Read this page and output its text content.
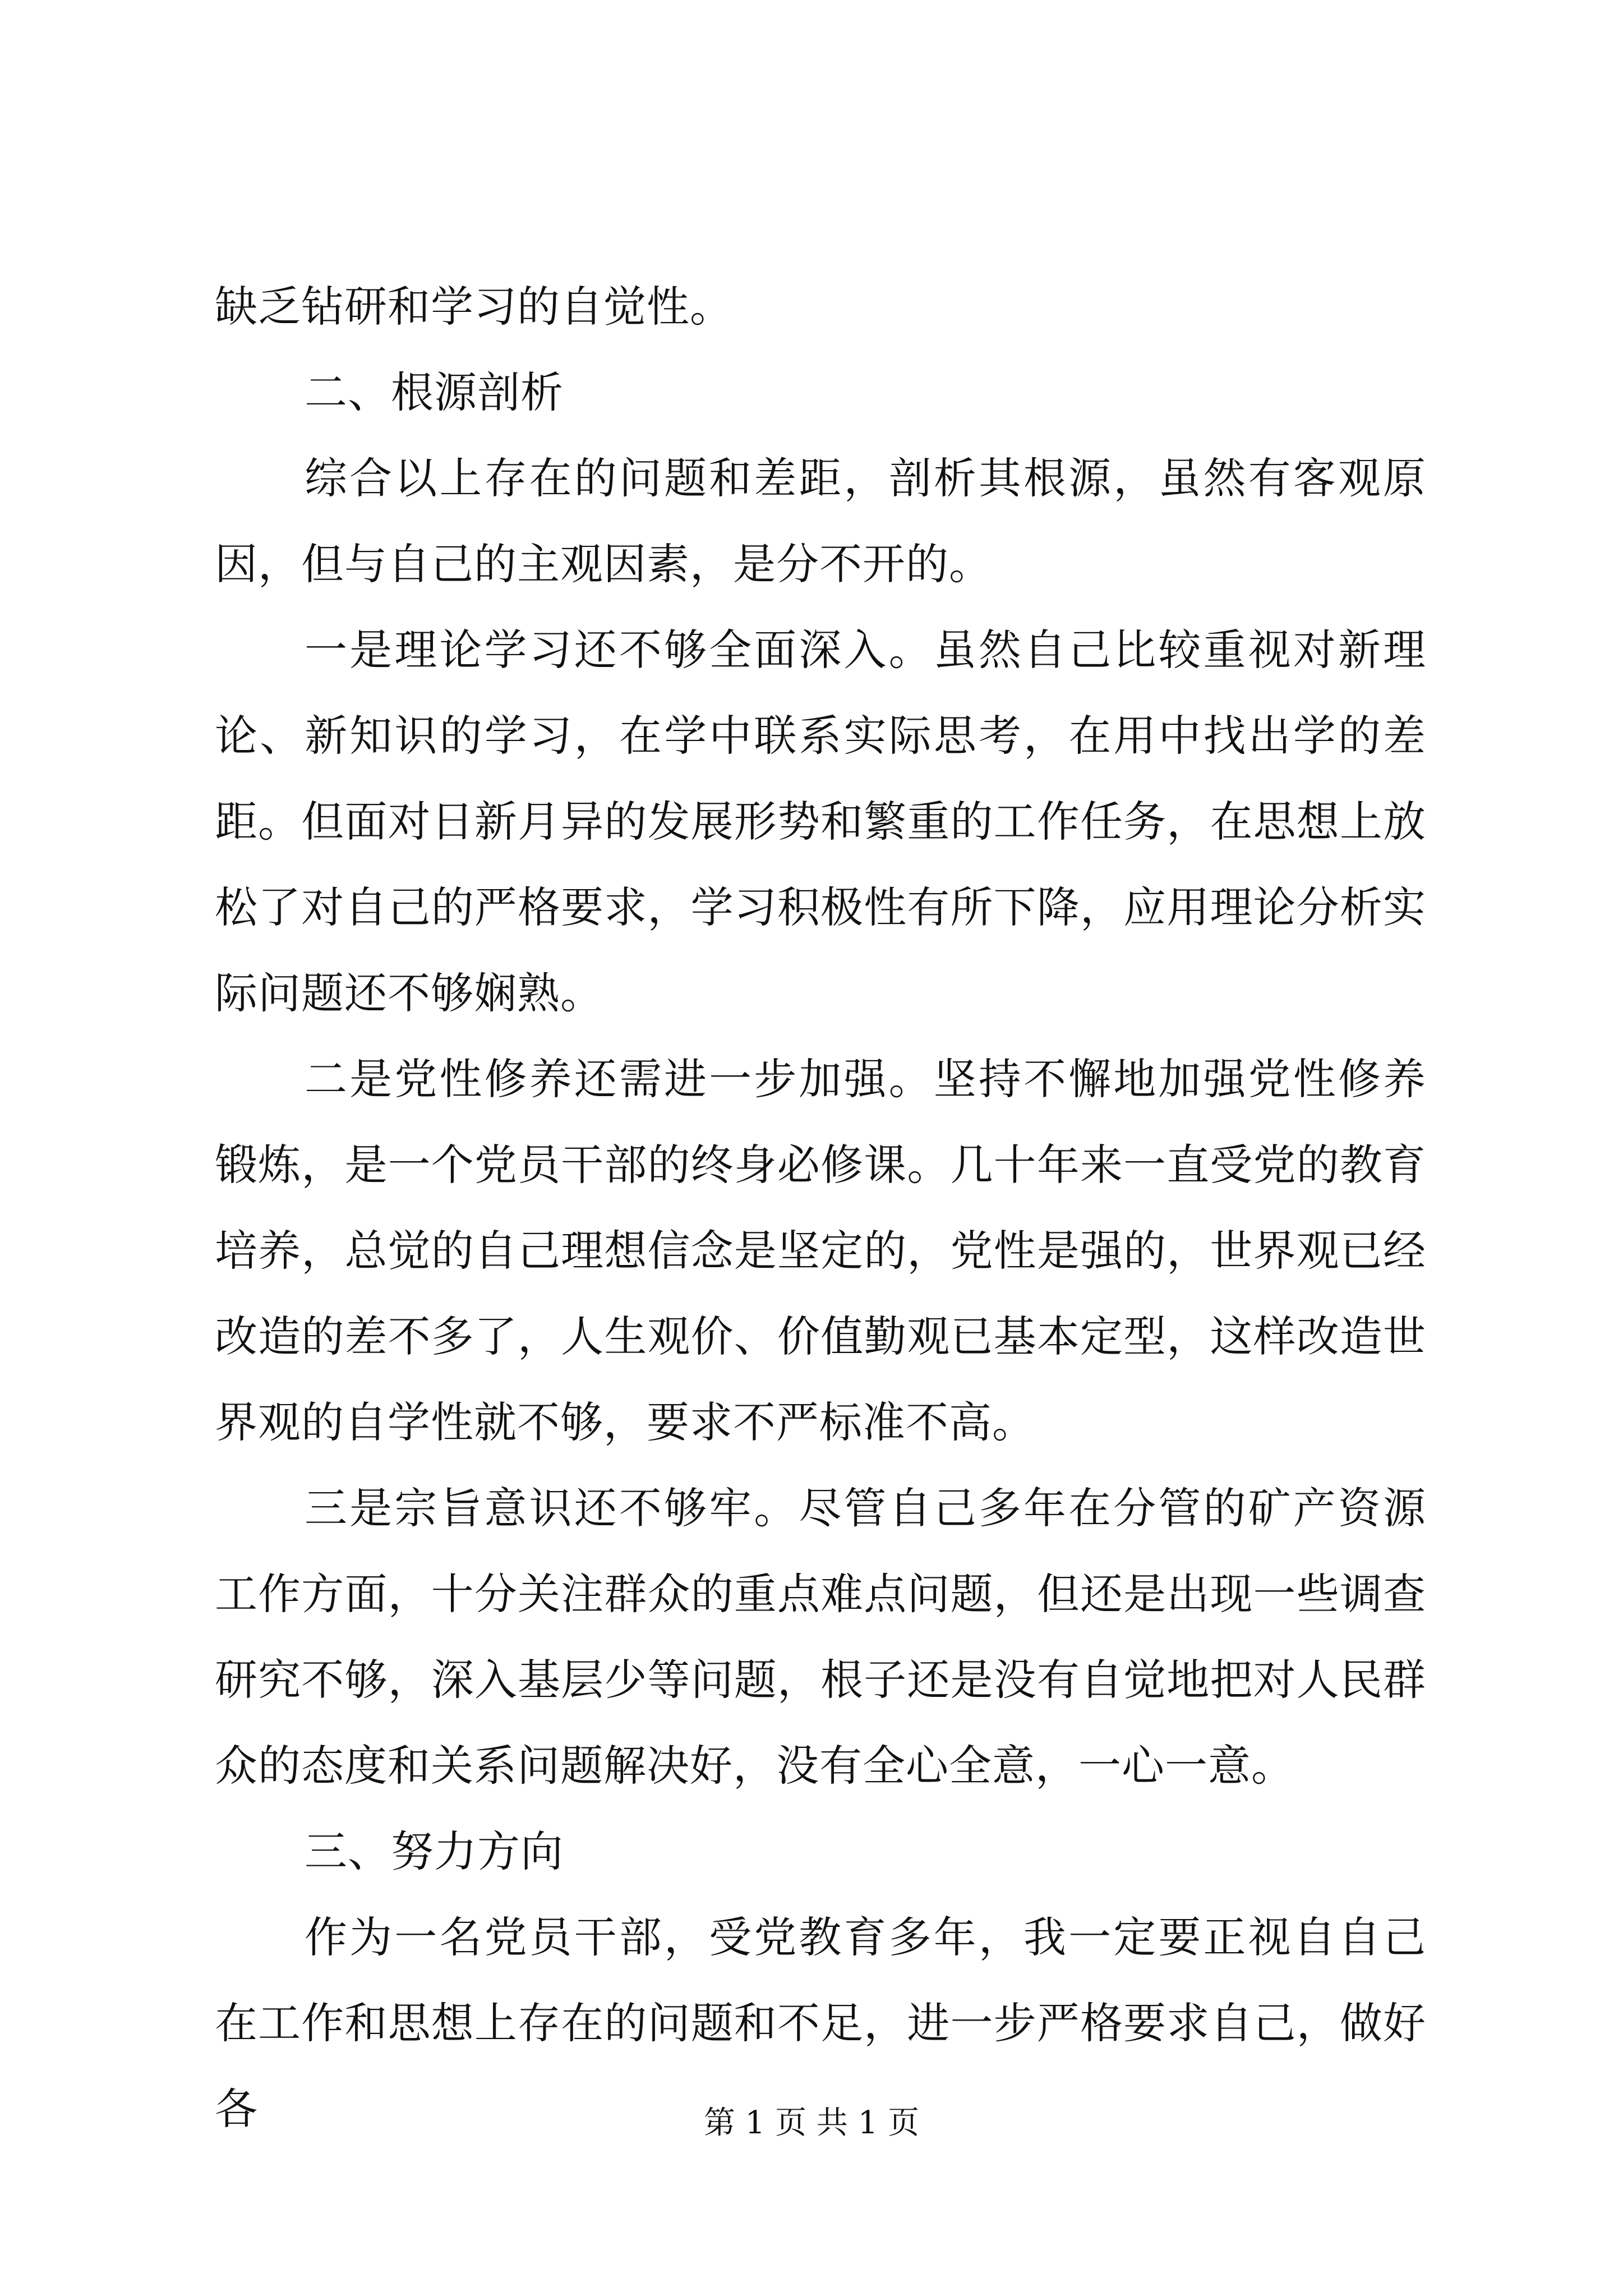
缺乏钻研和学习的自觉性。

二、根源剖析

综合以上存在的问题和差距，剖析其根源，虽然有客观原因，但与自己的主观因素，是分不开的。

一是理论学习还不够全面深入。虽然自己比较重视对新理论、新知识的学习，在学中联系实际思考，在用中找出学的差距。但面对日新月异的发展形势和繁重的工作任务，在思想上放松了对自己的严格要求，学习积极性有所下降，应用理论分析实际问题还不够娴熟。

二是党性修养还需进一步加强。坚持不懈地加强党性修养锻炼，是一个党员干部的终身必修课。几十年来一直受党的教育培养，总觉的自己理想信念是坚定的，党性是强的，世界观已经改造的差不多了，人生观价、价值勤观已基本定型，这样改造世界观的自学性就不够，要求不严标准不高。

三是宗旨意识还不够牢。尽管自己多年在分管的矿产资源工作方面，十分关注群众的重点难点问题，但还是出现一些调查研究不够，深入基层少等问题，根子还是没有自觉地把对人民群众的态度和关系问题解决好，没有全心全意，一心一意。

三、努力方向

作为一名党员干部，受党教育多年，我一定要正视自自己在工作和思想上存在的问题和不足，进一步严格要求自己，做好各	第 1 页 共 1 页
